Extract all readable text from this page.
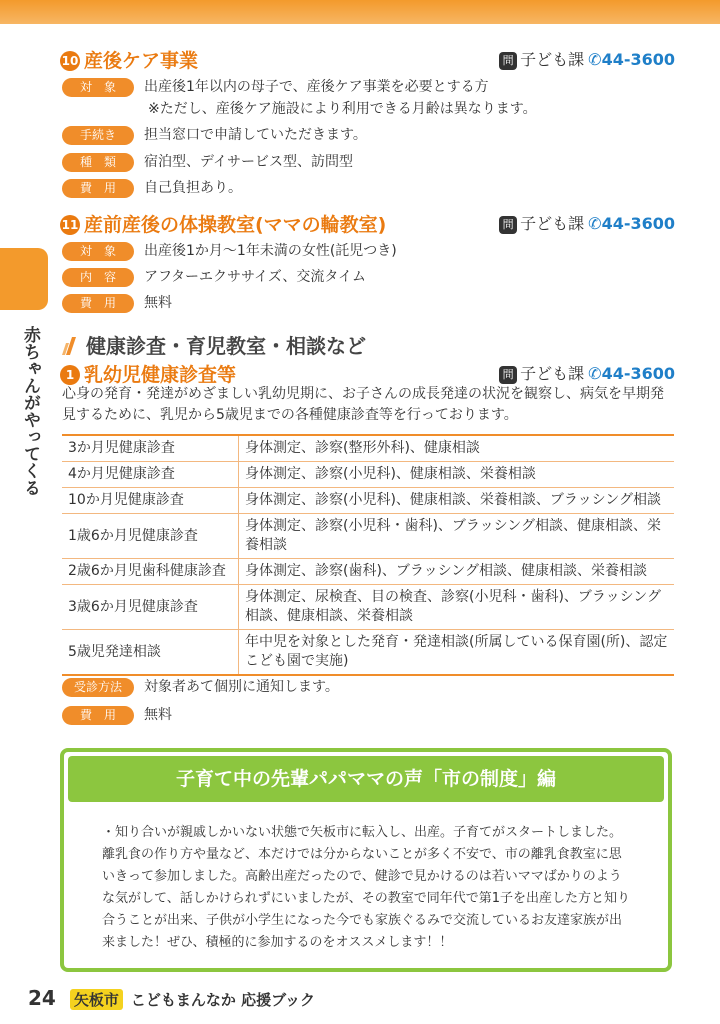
赤ちゃんがやってくる
10 産後ケア事業	問 子ども課 ✆44-3600
対　象 出産後1年以内の母子で、産後ケア事業を必要とする方
※ただし、産後ケア施設により利用できる月齢は異なります。
手続き 担当窓口で申請していただきます。
種　類 宿泊型、デイサービス型、訪問型
費　用 自己負担あり。
11 産前産後の体操教室(ママの輪教室)	問 子ども課 ✆44-3600
対　象 出産後1か月～1年未満の女性(託児つき)
内　容 アフターエクササイズ、交流タイム
費　用 無料
健康診査・育児教室・相談など
1 乳幼児健康診査等	問 子ども課 ✆44-3600
心身の発育・発達がめざましい乳幼児期に、お子さんの成長発達の状況を観察し、病気を早期発見するために、乳児から5歳児までの各種健康診査等を行っております。
3か月児健康診査	身体測定、診察(整形外科)、健康相談
4か月児健康診査	身体測定、診察(小児科)、健康相談、栄養相談
10か月児健康診査	身体測定、診察(小児科)、健康相談、栄養相談、ブラッシング相談
1歳6か月児健康診査	身体測定、診察(小児科・歯科)、ブラッシング相談、健康相談、栄養相談
2歳6か月児歯科健康診査	身体測定、診察(歯科)、ブラッシング相談、健康相談、栄養相談
3歳6か月児健康診査	身体測定、尿検査、目の検査、診察(小児科・歯科)、ブラッシング相談、健康相談、栄養相談
5歳児発達相談	年中児を対象とした発育・発達相談(所属している保育園(所)、認定こども園で実施)
受診方法 対象者あて個別に通知します。
費　用 無料
子育て中の先輩パパママの声「市の制度」編
・知り合いが親戚しかいない状態で矢板市に転入し、出産。子育てがスタートしました。離乳食の作り方や量など、本だけでは分からないことが多く不安で、市の離乳食教室に思いきって参加しました。高齢出産だったので、健診で見かけるのは若いママばかりのような気がして、話しかけられずにいましたが、その教室で同年代で第1子を出産した方と知り合うことが出来、子供が小学生になった今でも家族ぐるみで交流しているお友達家族が出来ました！ぜひ、積極的に参加するのをオススメします！！
24 矢板市 こどもまんなか 応援ブック
